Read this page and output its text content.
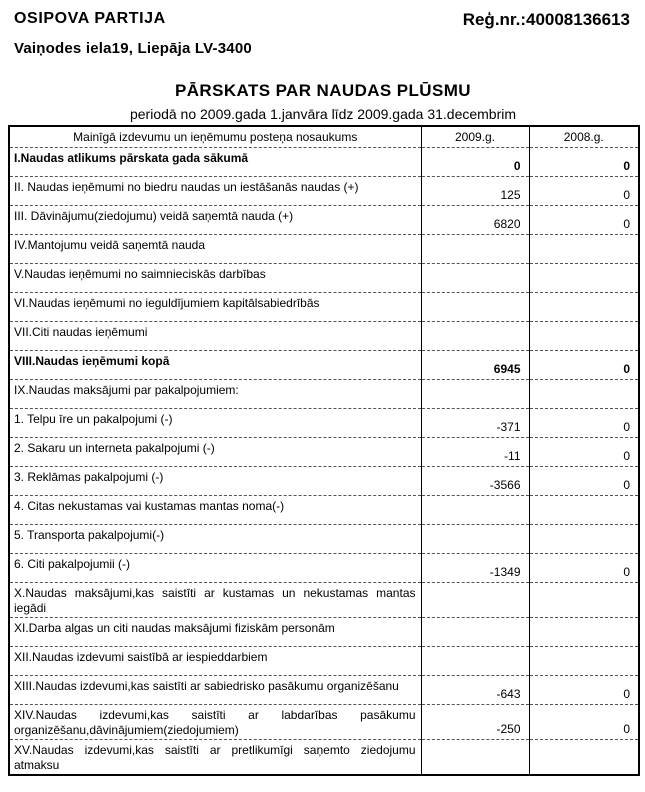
OSIPOVA PARTIJA	Reģ.nr.:40008136613
Vaiņodes iela19, Liepāja LV-3400
PĀRSKATS PAR NAUDAS PLŪSMU
periodā no 2009.gada 1.janvāra līdz 2009.gada 31.decembrim
Mainīgā izdevumu un ieņēmumu posteņa nosaukums	2009.g.	2008.g.
I.Naudas atlikums pārskata gada sākumā	0	0
II. Naudas ieņēmumi no biedru naudas un iestāšanās naudas (+)	125	0
III. Dāvinājumu(ziedojumu) veidā saņemtā nauda (+)	6820	0
IV.Mantojumu veidā saņemtā nauda		
V.Naudas ieņēmumi no saimnieciskās darbības		
VI.Naudas ieņēmumi no ieguldījumiem kapitālsabiedrībās		
VII.Citi naudas ieņēmumi		
VIII.Naudas ieņēmumi kopā	6945	0
IX.Naudas maksājumi par pakalpojumiem:		
1. Telpu īre un pakalpojumi (-)	-371	0
2. Sakaru un interneta pakalpojumi (-)	-11	0
3. Reklāmas pakalpojumi (-)	-3566	0
4. Citas nekustamas vai kustamas mantas noma(-)		
5. Transporta pakalpojumi(-)		
6. Citi pakalpojumii (-)	-1349	0
X.Naudas maksājumi,kas saistīti ar kustamas un nekustamas mantas iegādi		
XI.Darba algas un citi naudas maksājumi fiziskām personām		
XII.Naudas izdevumi saistībā ar iespieddarbiem		
XIII.Naudas izdevumi,kas saistīti ar sabiedrisko pasākumu organizēšanu	-643	0
XIV.Naudas izdevumi,kas saistīti ar labdarības pasākumu organizēšanu,dāvinājumiem(ziedojumiem)	-250	0
XV.Naudas izdevumi,kas saistīti ar pretlikumīgi saņemto ziedojumu atmaksu		
